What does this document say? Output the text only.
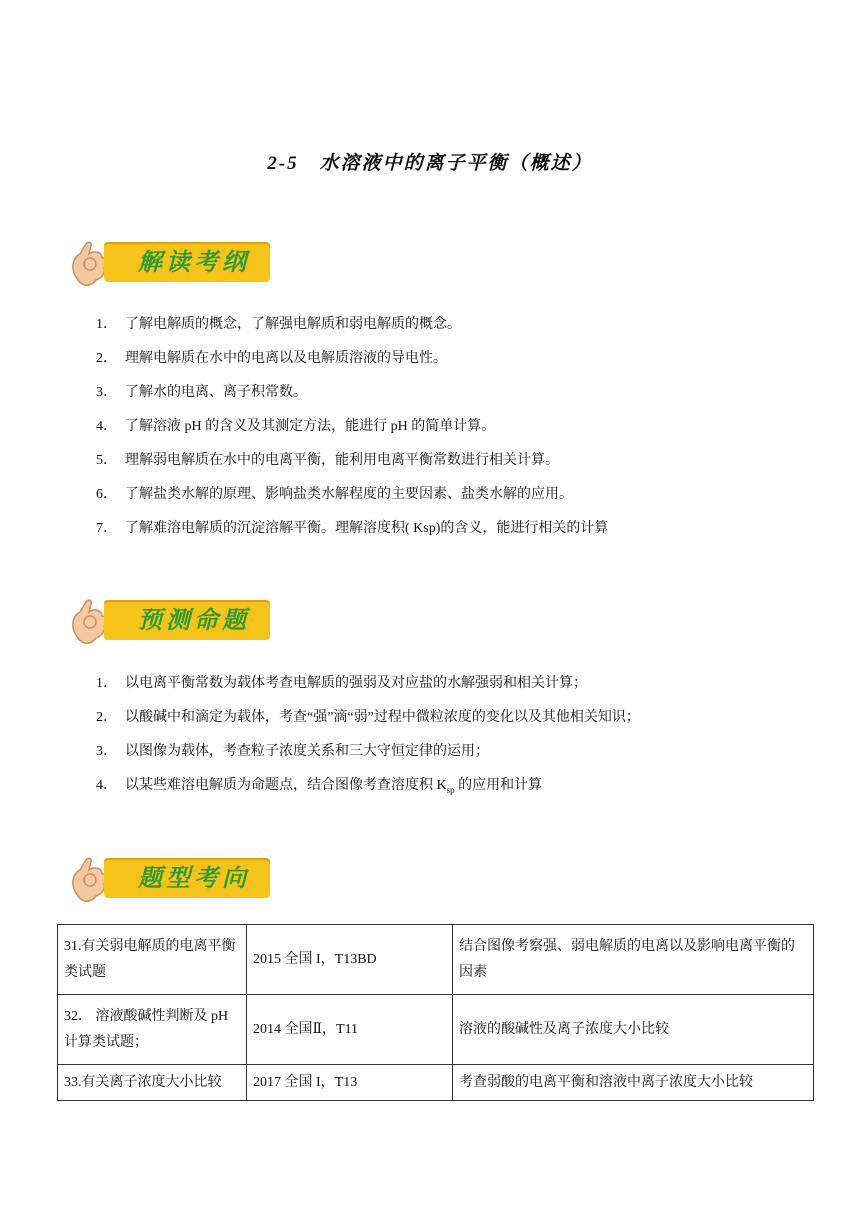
2-5　水溶液中的离子平衡（概述）
解读考纲
1． 了解电解质的概念，了解强电解质和弱电解质的概念。
2． 理解电解质在水中的电离以及电解质溶液的导电性。
3． 了解水的电离、离子积常数。
4． 了解溶液 pH 的含义及其测定方法，能进行 pH 的简单计算。
5． 理解弱电解质在水中的电离平衡，能利用电离平衡常数进行相关计算。
6． 了解盐类水解的原理、影响盐类水解程度的主要因素、盐类水解的应用。
7． 了解难溶电解质的沉淀溶解平衡。理解溶度积( Ksp)的含义，能进行相关的计算
预测命题
1． 以电离平衡常数为载体考查电解质的强弱及对应盐的水解强弱和相关计算；
2． 以酸碱中和滴定为载体，考查“强”滴“弱”过程中微粒浓度的变化以及其他相关知识；
3． 以图像为载体，考查粒子浓度关系和三大守恒定律的运用；
4． 以某些难溶电解质为命题点，结合图像考查溶度积 $K_{sp}$ 的应用和计算
题型考向
31.有关弱电解质的电离平衡类试题	2015 全国 I，T13BD	结合图像考察强、弱电解质的电离以及影响电离平衡的因素
32． 溶液酸碱性判断及 pH 计算类试题；	2014 全国Ⅱ，T11	溶液的酸碱性及离子浓度大小比较
33.有关离子浓度大小比较	2017 全国 I，T13	考查弱酸的电离平衡和溶液中离子浓度大小比较
